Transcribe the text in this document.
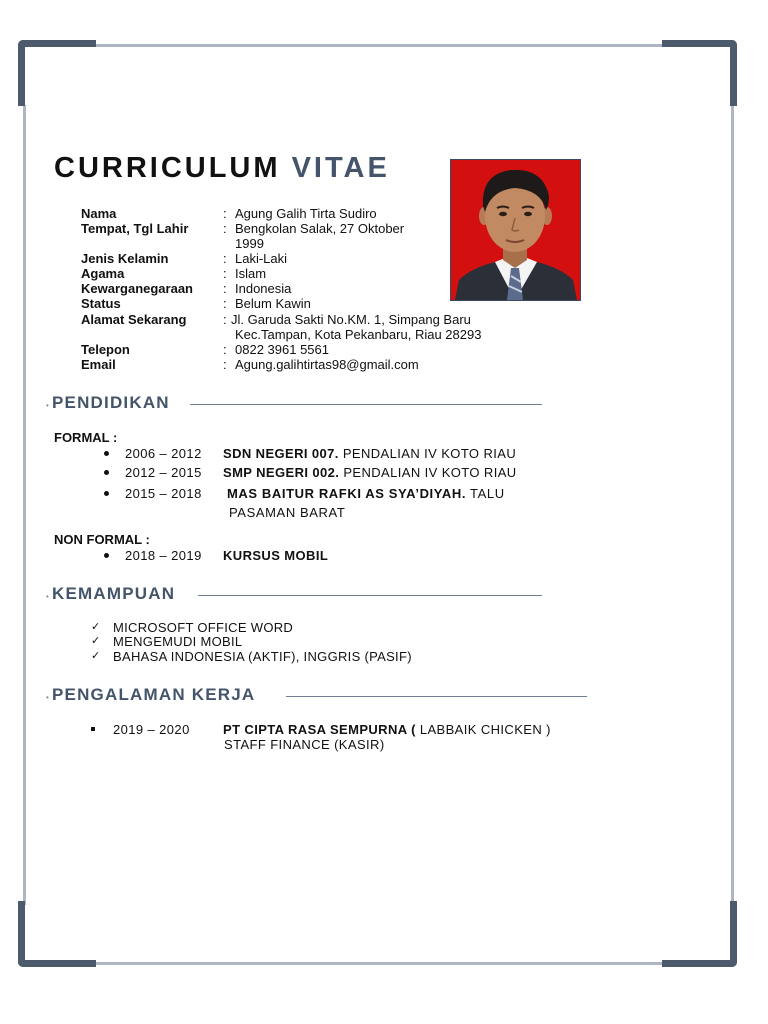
CURRICULUM VITAE
Nama	: Agung Galih Tirta Sudiro
Tempat, Tgl Lahir	: Bengkolan Salak, 27 Oktober
1999
Jenis Kelamin	: Laki-Laki
Agama	: Islam
Kewarganegaraan : Indonesia
Status	: Belum Kawin
Alamat Sekarang	: Jl. Garuda Sakti No.KM. 1, Simpang Baru
Kec.Tampan, Kota Pekanbaru, Riau 28293
Telepon	: 0822 3961 5561
Email	: Agung.galihtirtas98@gmail.com
• PENDIDIKAN
FORMAL :
2006 – 2012 SDN NEGERI 007. PENDALIAN IV KOTO RIAU
2012 – 2015 SMP NEGERI 002. PENDALIAN IV KOTO RIAU
2015 – 2018 MAS BAITUR RAFKI AS SYA’DIYAH. TALU
PASAMAN BARAT
NON FORMAL :
2018 – 2019 KURSUS MOBIL
• KEMAMPUAN
✓ MICROSOFT OFFICE WORD
✓ MENGEMUDI MOBIL
✓ BAHASA INDONESIA (AKTIF), INGGRIS (PASIF)
• PENGALAMAN KERJA
2019 – 2020	PT CIPTA RASA SEMPURNA ( LABBAIK CHICKEN )
STAFF FINANCE (KASIR)
